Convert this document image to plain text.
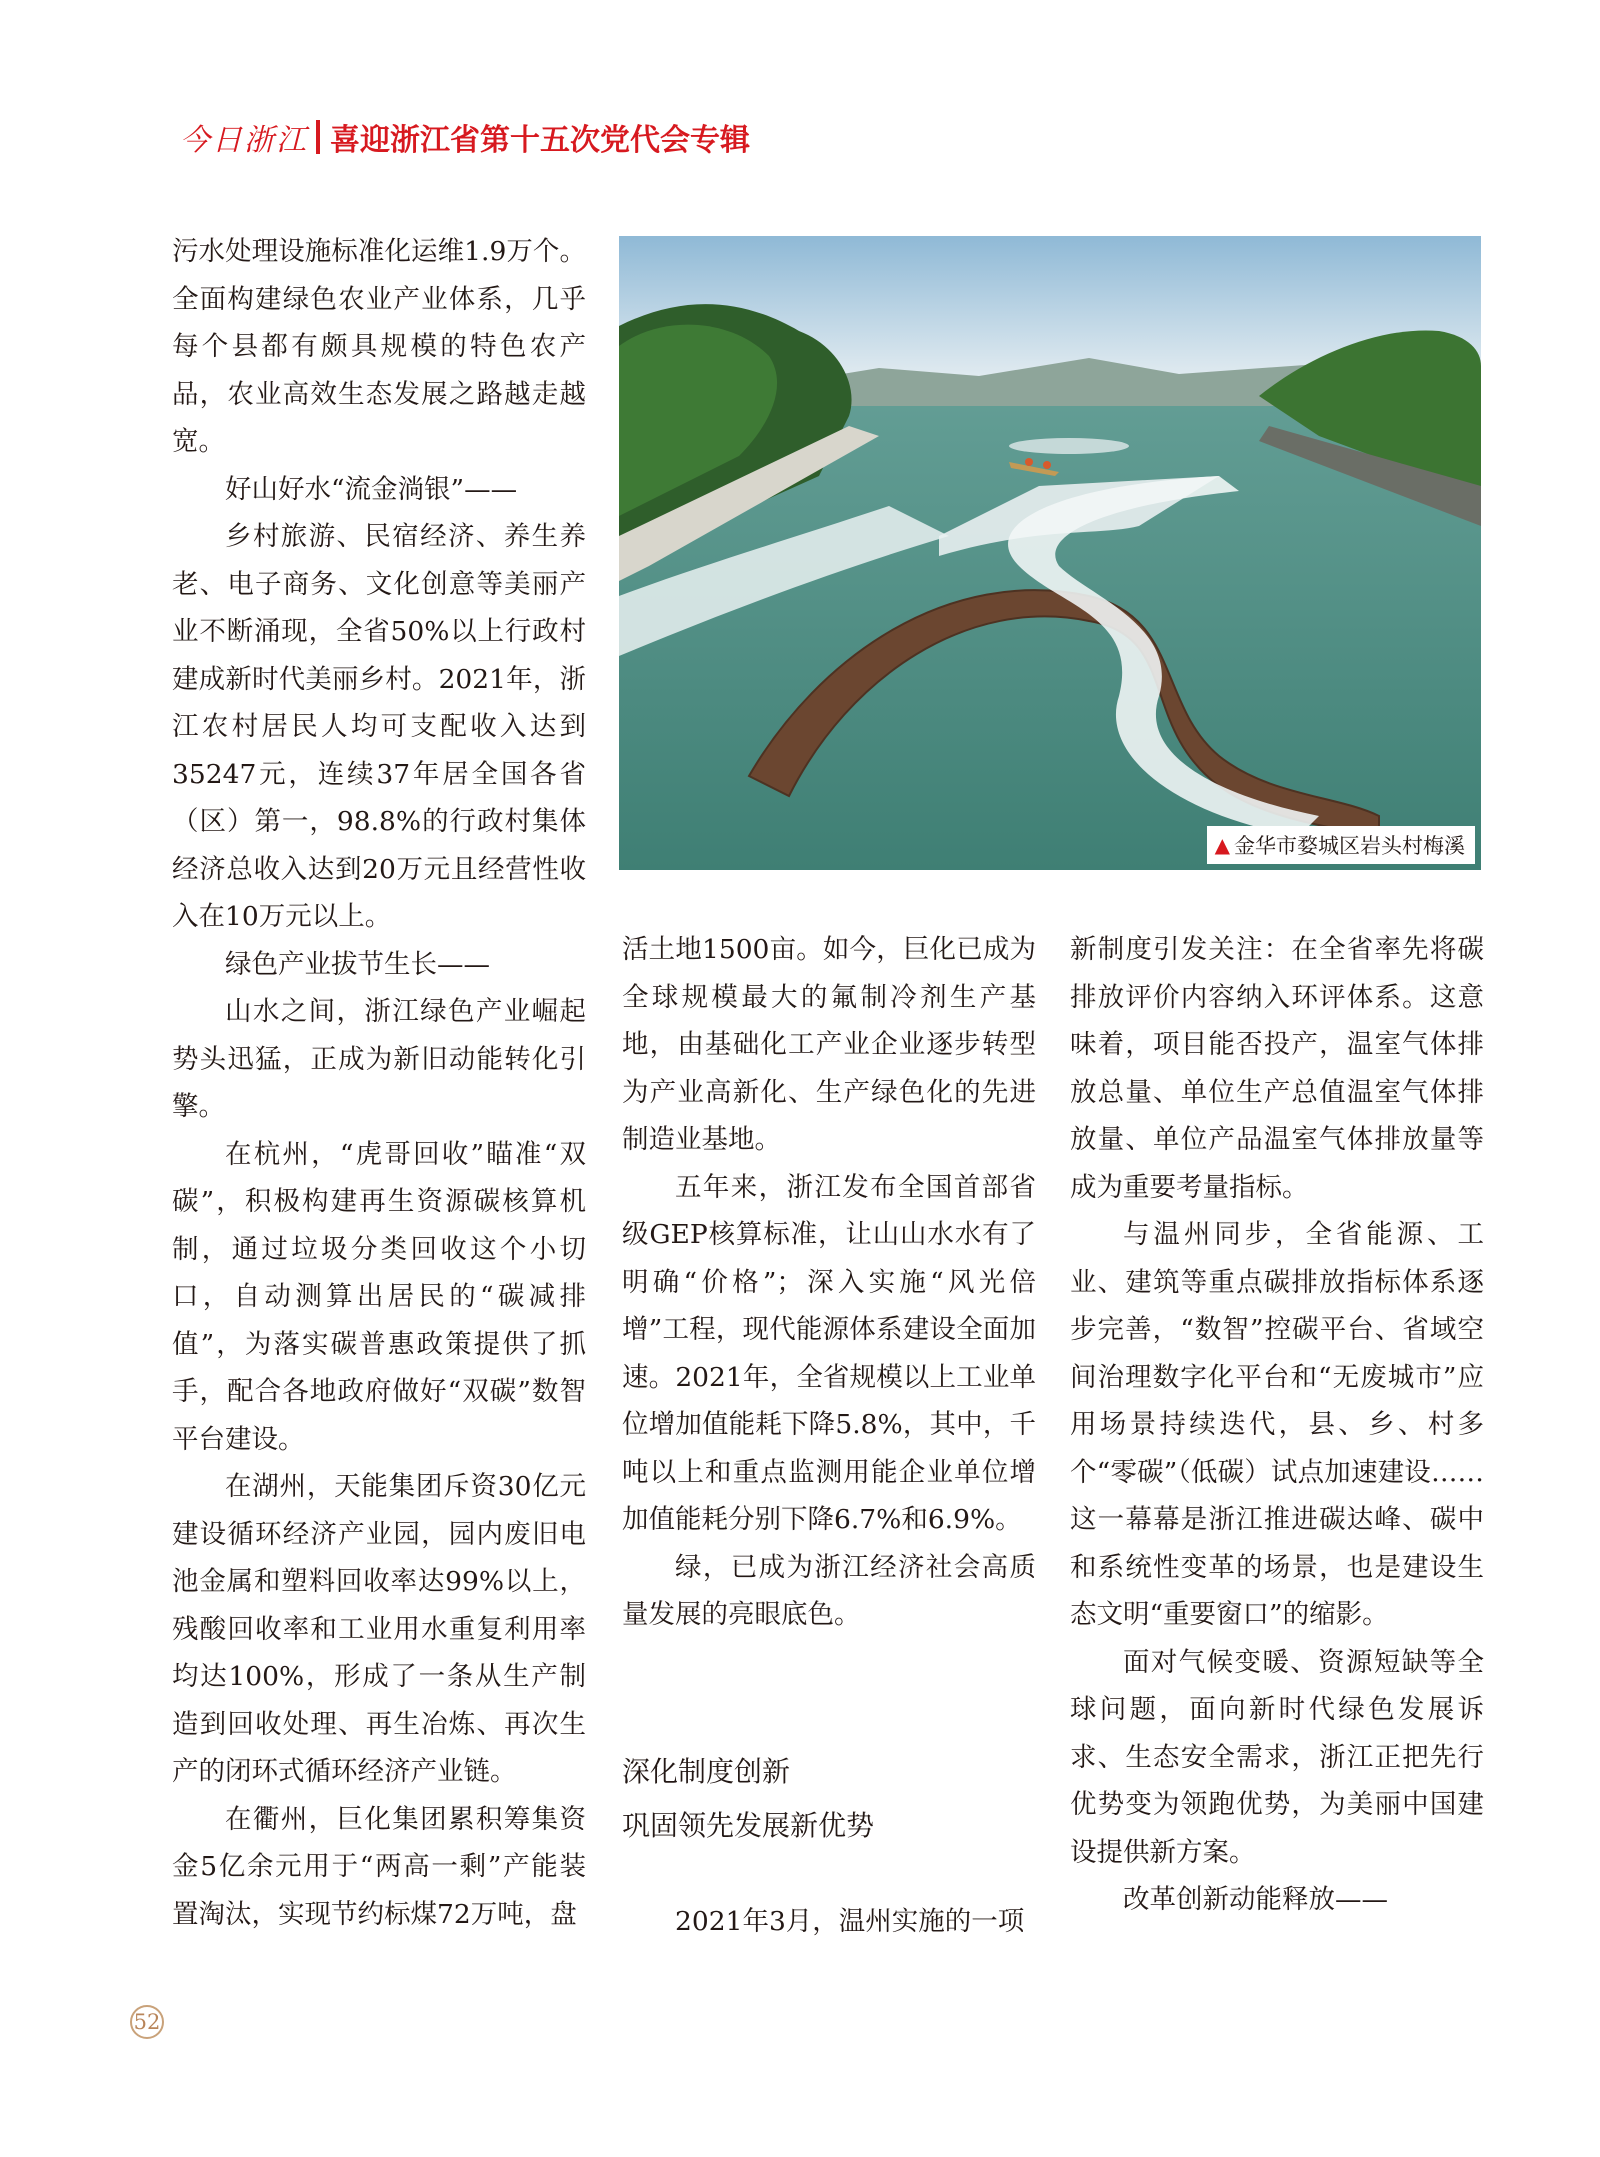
今日浙江 喜迎浙江省第十五次党代会专辑

污水处理设施标准化运维1.9万个。全面构建绿色农业产业体系，几乎每个县都有颇具规模的特色农产品，农业高效生态发展之路越走越宽。

好山好水“流金淌银”——

乡村旅游、民宿经济、养生养老、电子商务、文化创意等美丽产业不断涌现，全省50%以上行政村建成新时代美丽乡村。2021年，浙江农村居民人均可支配收入达到35247元，连续37年居全国各省（区）第一，98.8%的行政村集体经济总收入达到20万元且经营性收入在10万元以上。

绿色产业拔节生长——

山水之间，浙江绿色产业崛起势头迅猛，正成为新旧动能转化引擎。

在杭州，“虎哥回收”瞄准“双碳”，积极构建再生资源碳核算机制，通过垃圾分类回收这个小切口，自动测算出居民的“碳减排值”，为落实碳普惠政策提供了抓手，配合各地政府做好“双碳”数智平台建设。

在湖州，天能集团斥资30亿元建设循环经济产业园，园内废旧电池金属和塑料回收率达99%以上，残酸回收率和工业用水重复利用率均达100%，形成了一条从生产制造到回收处理、再生冶炼、再次生产的闭环式循环经济产业链。

在衢州，巨化集团累积筹集资金5亿余元用于“两高一剩”产能装置淘汰，实现节约标煤72万吨，盘

▲ 金华市婺城区岩头村梅溪

活土地1500亩。如今，巨化已成为全球规模最大的氟制冷剂生产基地，由基础化工产业企业逐步转型为产业高新化、生产绿色化的先进制造业基地。

五年来，浙江发布全国首部省级GEP核算标准，让山山水水有了明确“价格”；深入实施“风光倍增”工程，现代能源体系建设全面加速。2021年，全省规模以上工业单位增加值能耗下降5.8%，其中，千吨以上和重点监测用能企业单位增加值能耗分别下降6.7%和6.9%。

绿，已成为浙江经济社会高质量发展的亮眼底色。

深化制度创新
巩固领先发展新优势

2021年3月，温州实施的一项

新制度引发关注：在全省率先将碳排放评价内容纳入环评体系。这意味着，项目能否投产，温室气体排放总量、单位生产总值温室气体排放量、单位产品温室气体排放量等成为重要考量指标。

与温州同步，全省能源、工业、建筑等重点碳排放指标体系逐步完善，“数智”控碳平台、省域空间治理数字化平台和“无废城市”应用场景持续迭代，县、乡、村多个“零碳”（低碳）试点加速建设……这一幕幕是浙江推进碳达峰、碳中和系统性变革的场景，也是建设生态文明“重要窗口”的缩影。

面对气候变暖、资源短缺等全球问题，面向新时代绿色发展诉求、生态安全需求，浙江正把先行优势变为领跑优势，为美丽中国建设提供新方案。

改革创新动能释放——

52
